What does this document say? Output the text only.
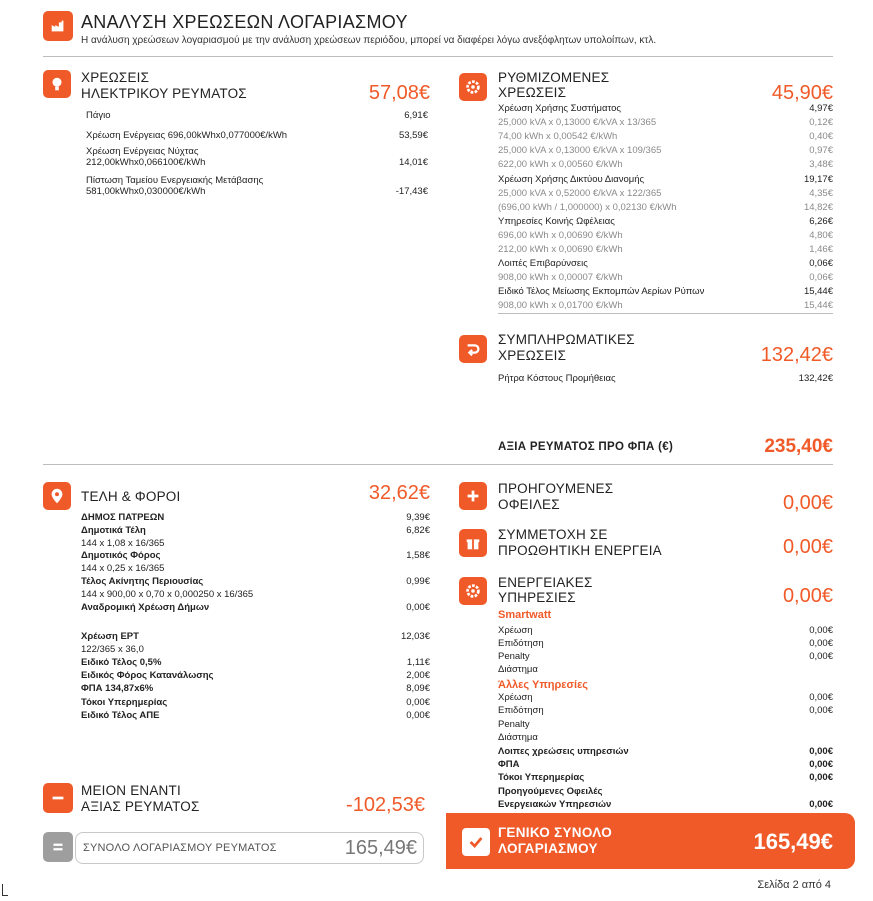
ΑΝΑΛΥΣΗ ΧΡΕΩΣΕΩΝ ΛΟΓΑΡΙΑΣΜΟΥ
Η ανάλυση χρεώσεων λογαριασμού με την ανάλυση χρεώσεων περιόδου, μπορεί να διαφέρει λόγω ανεξόφλητων υπολοίπων, κτλ.
ΧΡΕΩΣΕΙΣ
ΗΛΕΚΤΡΙΚΟΥ ΡΕΥΜΑΤΟΣ	57,08€
Πάγιο	6,91€
Χρέωση Ενέργειας 696,00kWhx0,077000€/kWh	53,59€
Χρέωση Ενέργειας Νύχτας
212,00kWhx0,066100€/kWh	14,01€
Πίστωση Ταμείου Ενεργειακής Μετάβασης
581,00kWhx0,030000€/kWh	-17,43€
ΡΥΘΜΙΖΟΜΕΝΕΣ
ΧΡΕΩΣΕΙΣ	45,90€
Χρέωση Χρήσης Συστήματος	4,97€
25,000 kVA x 0,13000 €/kVA x 13/365	0,12€
74,00 kWh x 0,00542 €/kWh	0,40€
25,000 kVA x 0,13000 €/kVA x 109/365	0,97€
622,00 kWh x 0,00560 €/kWh	3,48€
Χρέωση Χρήσης Δικτύου Διανομής	19,17€
25,000 kVA x 0,52000 €/kVA x 122/365	4,35€
(696,00 kWh / 1,000000) x 0,02130 €/kWh	14,82€
Υπηρεσίες Κοινής Ωφέλειας	6,26€
696,00 kWh x 0,00690 €/kWh	4,80€
212,00 kWh x 0,00690 €/kWh	1,46€
Λοιπές Επιβαρύνσεις	0,06€
908,00 kWh x 0,00007 €/kWh	0,06€
Ειδικό Τέλος Μείωσης Εκπομπών Αερίων Ρύπων	15,44€
908,00 kWh x 0,01700 €/kWh	15,44€
ΣΥΜΠΛΗΡΩΜΑΤΙΚΕΣ
ΧΡΕΩΣΕΙΣ	132,42€
Ρήτρα Κόστους Προμήθειας	132,42€
ΑΞΙΑ ΡΕΥΜΑΤΟΣ ΠΡΟ ΦΠΑ (€)	235,40€
ΤΕΛΗ & ΦΟΡΟΙ	32,62€
ΔΗΜΟΣ ΠΑΤΡΕΩΝ	9,39€
Δημοτικά Τέλη	6,82€
144 x 1,08 x 16/365
Δημοτικός Φόρος	1,58€
144 x 0,25 x 16/365
Τέλος Ακίνητης Περιουσίας	0,99€
144 x 900,00 x 0,70 x 0,000250 x 16/365
Αναδρομική Χρέωση Δήμων	0,00€
Χρέωση ΕΡΤ	12,03€
122/365 x 36,0
Ειδικό Τέλος 0,5%	1,11€
Ειδικός Φόρος Κατανάλωσης	2,00€
ΦΠΑ 134,87x6%	8,09€
Τόκοι Υπερημερίας	0,00€
Ειδικό Τέλος ΑΠΕ	0,00€
ΠΡΟΗΓΟΥΜΕΝΕΣ
ΟΦΕΙΛΕΣ	0,00€
ΣΥΜΜΕΤΟΧΗ ΣΕ
ΠΡΟΩΘΗΤΙΚΗ ΕΝΕΡΓΕΙΑ	0,00€
ΕΝΕΡΓΕΙΑΚΕΣ
ΥΠΗΡΕΣΙΕΣ	0,00€
Smartwatt
Χρέωση	0,00€
Επιδότηση	0,00€
Penalty	0,00€
Διάστημα
Άλλες Υπηρεσίες
Χρέωση	0,00€
Επιδότηση	0,00€
Penalty
Διάστημα
Λοιπες χρεώσεις υπηρεσιών	0,00€
ΦΠΑ	0,00€
Τόκοι Υπερημερίας	0,00€
Προηγούμενες Οφειλές
Ενεργειακών Υπηρεσιών	0,00€
ΜΕΙΟΝ ΕΝΑΝΤΙ
ΑΞΙΑΣ ΡΕΥΜΑΤΟΣ	-102,53€
ΣΥΝΟΛΟ ΛΟΓΑΡΙΑΣΜΟΥ ΡΕΥΜΑΤΟΣ	165,49€
ΓΕΝΙΚΟ ΣΥΝΟΛΟ
ΛΟΓΑΡΙΑΣΜΟΥ	165,49€
Σελίδα 2 από 4
